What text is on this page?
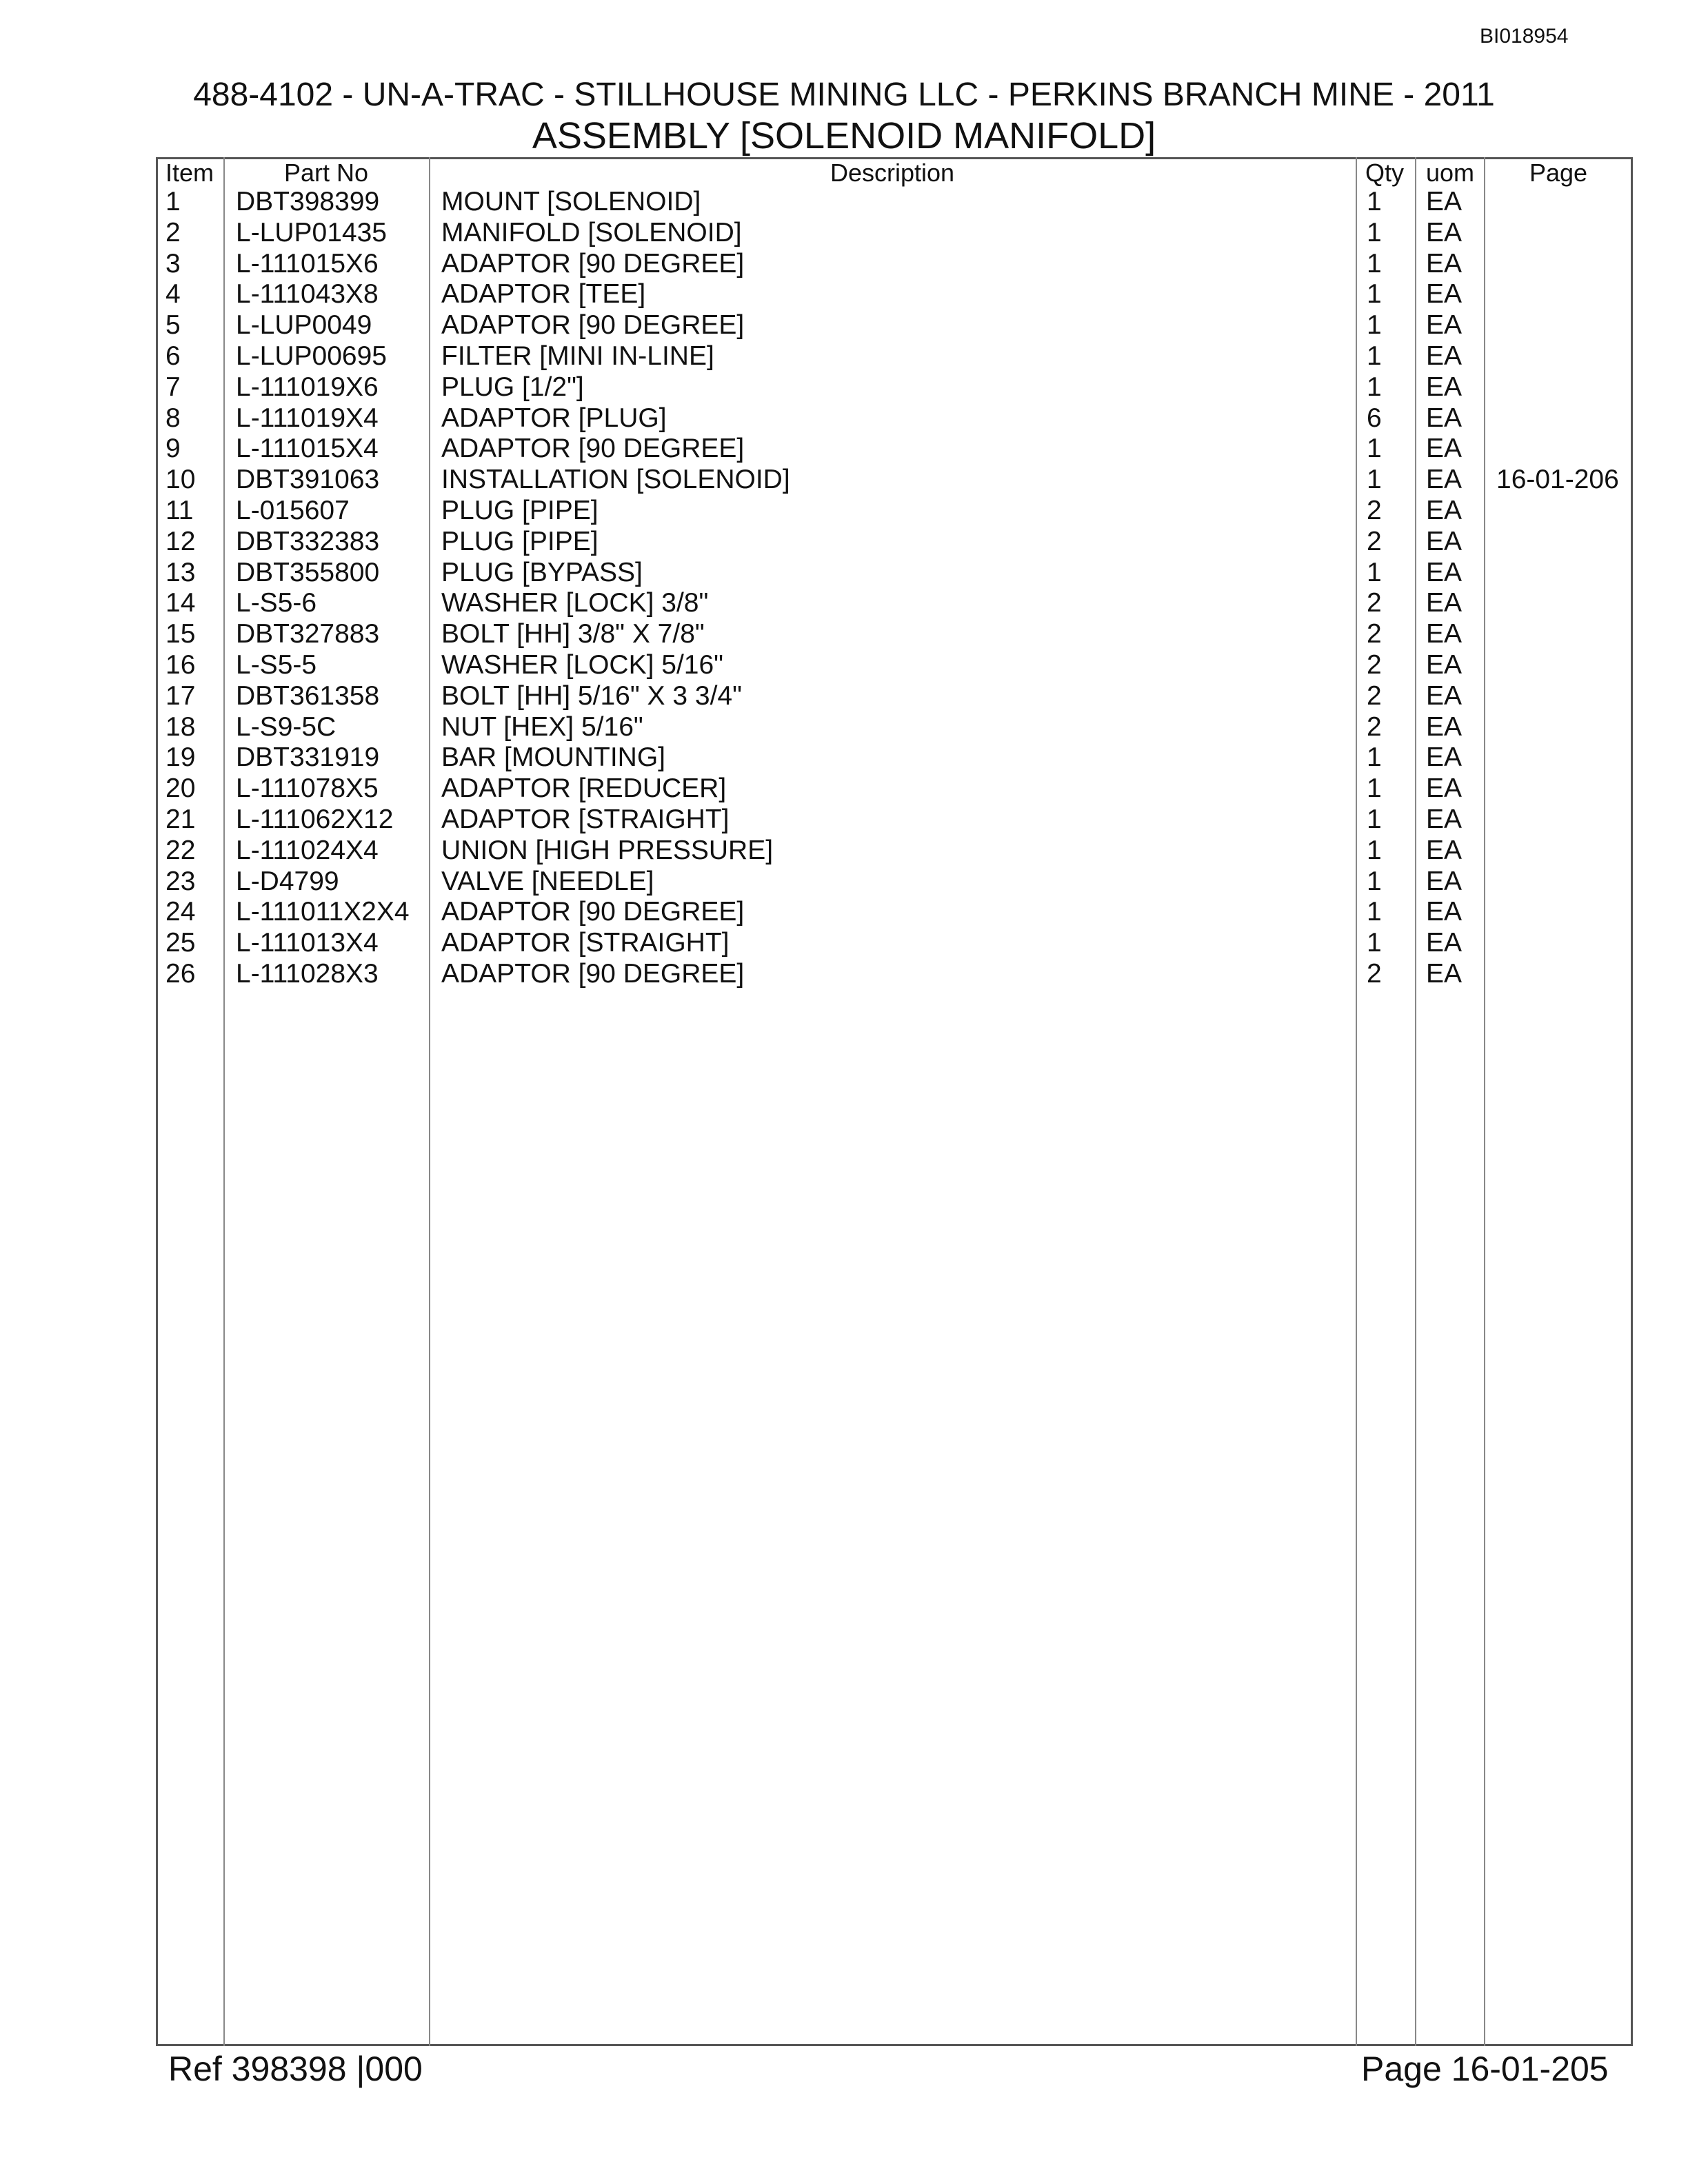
BI018954
488-4102 - UN-A-TRAC - STILLHOUSE MINING LLC - PERKINS BRANCH MINE - 2011
ASSEMBLY [SOLENOID MANIFOLD]
Item	Part No	Description	Qty uom Page
1 DBT398399 MOUNT [SOLENOID]	1 EA
2 L-LUP01435 MANIFOLD [SOLENOID]	1 EA
3 L-111015X6 ADAPTOR [90 DEGREE]	1 EA
4 L-111043X8 ADAPTOR [TEE]	1 EA
5 L-LUP0049	ADAPTOR [90 DEGREE]	1 EA
6 L-LUP00695 FILTER [MINI IN-LINE]	1 EA
7 L-111019X6 PLUG [1/2"]	1 EA
8 L-111019X4 ADAPTOR [PLUG]	6 EA
9 L-111015X4 ADAPTOR [90 DEGREE]	1 EA
10 DBT391063 INSTALLATION [SOLENOID]	1 EA 16-01-206
11 L-015607	PLUG [PIPE]	2 EA
12 DBT332383 PLUG [PIPE]	2 EA
13 DBT355800 PLUG [BYPASS]	1 EA
14 L-S5-6	WASHER [LOCK] 3/8"	2 EA
15 DBT327883 BOLT [HH] 3/8" X 7/8"	2 EA
16 L-S5-5	WASHER [LOCK] 5/16"	2 EA
17 DBT361358 BOLT [HH] 5/16" X 3 3/4"	2 EA
18 L-S9-5C	NUT [HEX] 5/16"	2 EA
19 DBT331919 BAR [MOUNTING]	1 EA
20 L-111078X5 ADAPTOR [REDUCER]	1 EA
21 L-111062X12 ADAPTOR [STRAIGHT]	1 EA
22 L-111024X4 UNION [HIGH PRESSURE]	1 EA
23 L-D4799	VALVE [NEEDLE]	1 EA
24 L-111011X2X4 ADAPTOR [90 DEGREE]	1 EA
25 L-111013X4 ADAPTOR [STRAIGHT]	1 EA
26 L-111028X3 ADAPTOR [90 DEGREE]	2 EA
Ref 398398 |000	Page 16-01-205
